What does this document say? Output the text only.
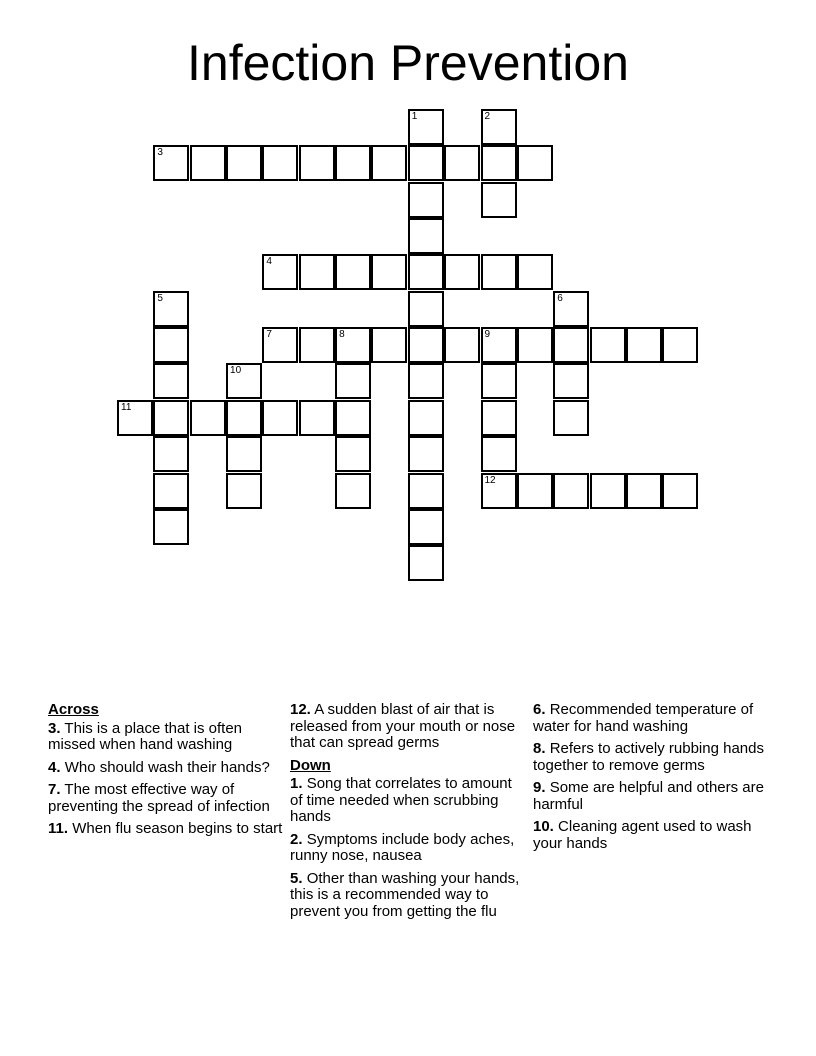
Infection Prevention
1	2
3
4
5	6
7	8	9
10
11
12
Across
3. This is a place that is often missed when hand washing
4. Who should wash their hands?
7. The most effective way of preventing the spread of infection
11. When flu season begins to start
12. A sudden blast of air that is released from your mouth or nose that can spread germs
Down
1. Song that correlates to amount of time needed when scrubbing hands
2. Symptoms include body aches, runny nose, nausea
5. Other than washing your hands, this is a recommended way to prevent you from getting the flu
6. Recommended temperature of water for hand washing
8. Refers to actively rubbing hands together to remove germs
9. Some are helpful and others are harmful
10. Cleaning agent used to wash your hands
